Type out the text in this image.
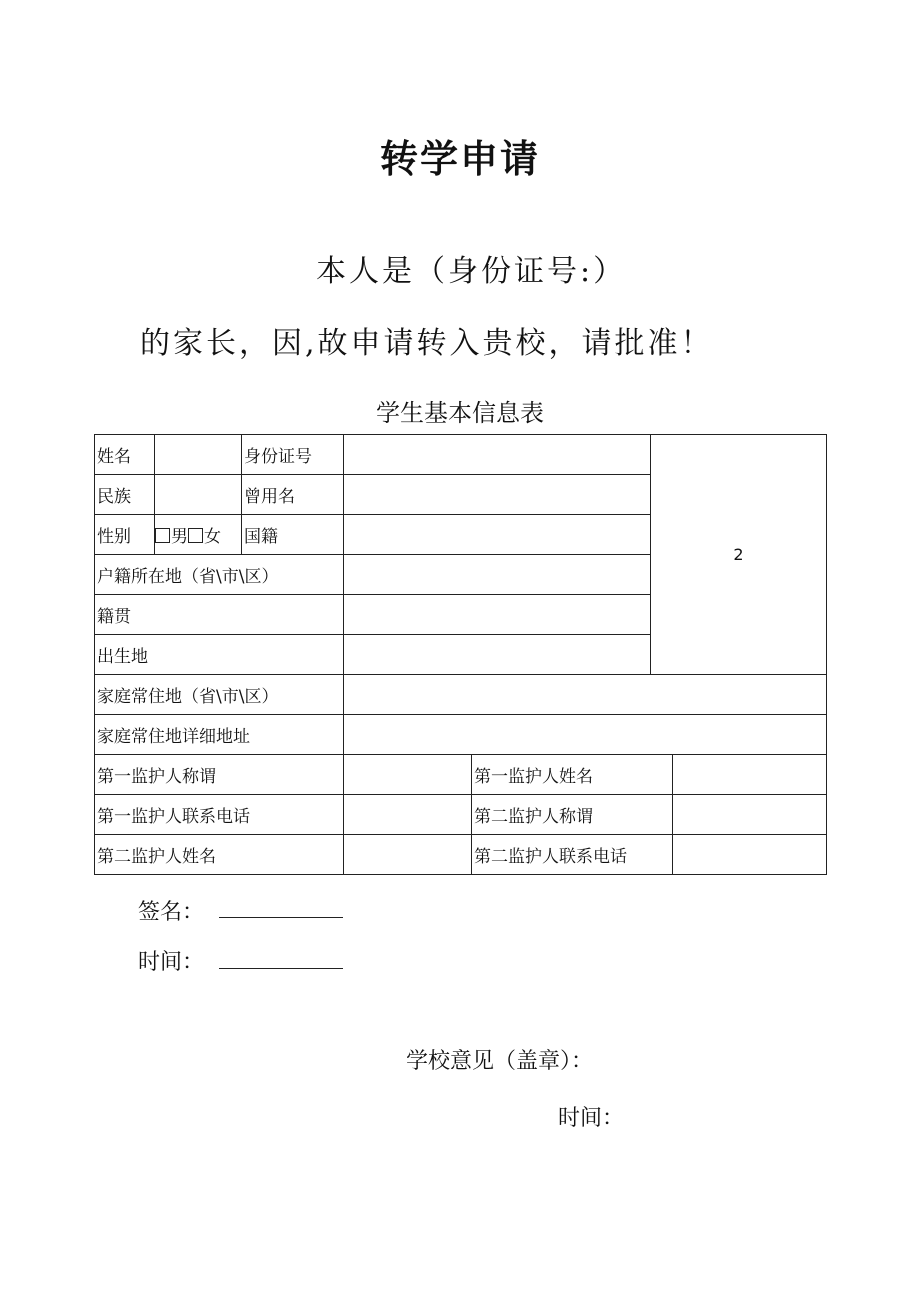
转学申请
本人是（身份证号:）
的家长，因,故申请转入贵校，请批准！
学生基本信息表
姓名		身份证号			2	
民族		曾用名				
性别	男 女	国籍				
户籍所在地（省\市\区）						
籍贯						
出生地						
家庭常住地（省\市\区）						
家庭常住地详细地址						
第一监护人称谓				第一监护人姓名		
第一监护人联系电话				第二监护人称谓		
第二监护人姓名				第二监护人联系电话		
签名：
时间：
学校意见（盖章）：
时间：
